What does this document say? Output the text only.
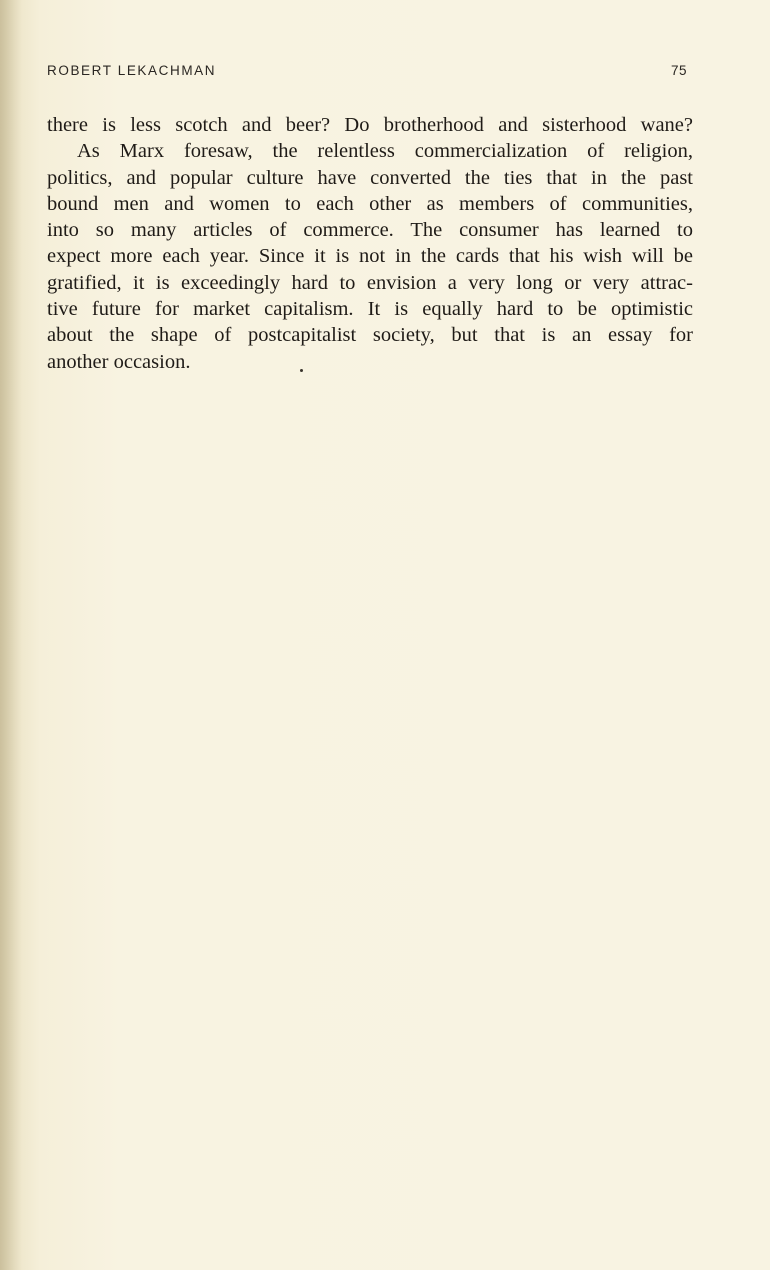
ROBERT LEKACHMAN	75
there is less scotch and beer? Do brotherhood and sisterhood wane?
As Marx foresaw, the relentless commercialization of religion,
politics, and popular culture have converted the ties that in the past
bound men and women to each other as members of communities,
into so many articles of commerce. The consumer has learned to
expect more each year. Since it is not in the cards that his wish will be
gratified, it is exceedingly hard to envision a very long or very attrac-
tive future for market capitalism. It is equally hard to be optimistic
about the shape of postcapitalist society, but that is an essay for
another occasion.
